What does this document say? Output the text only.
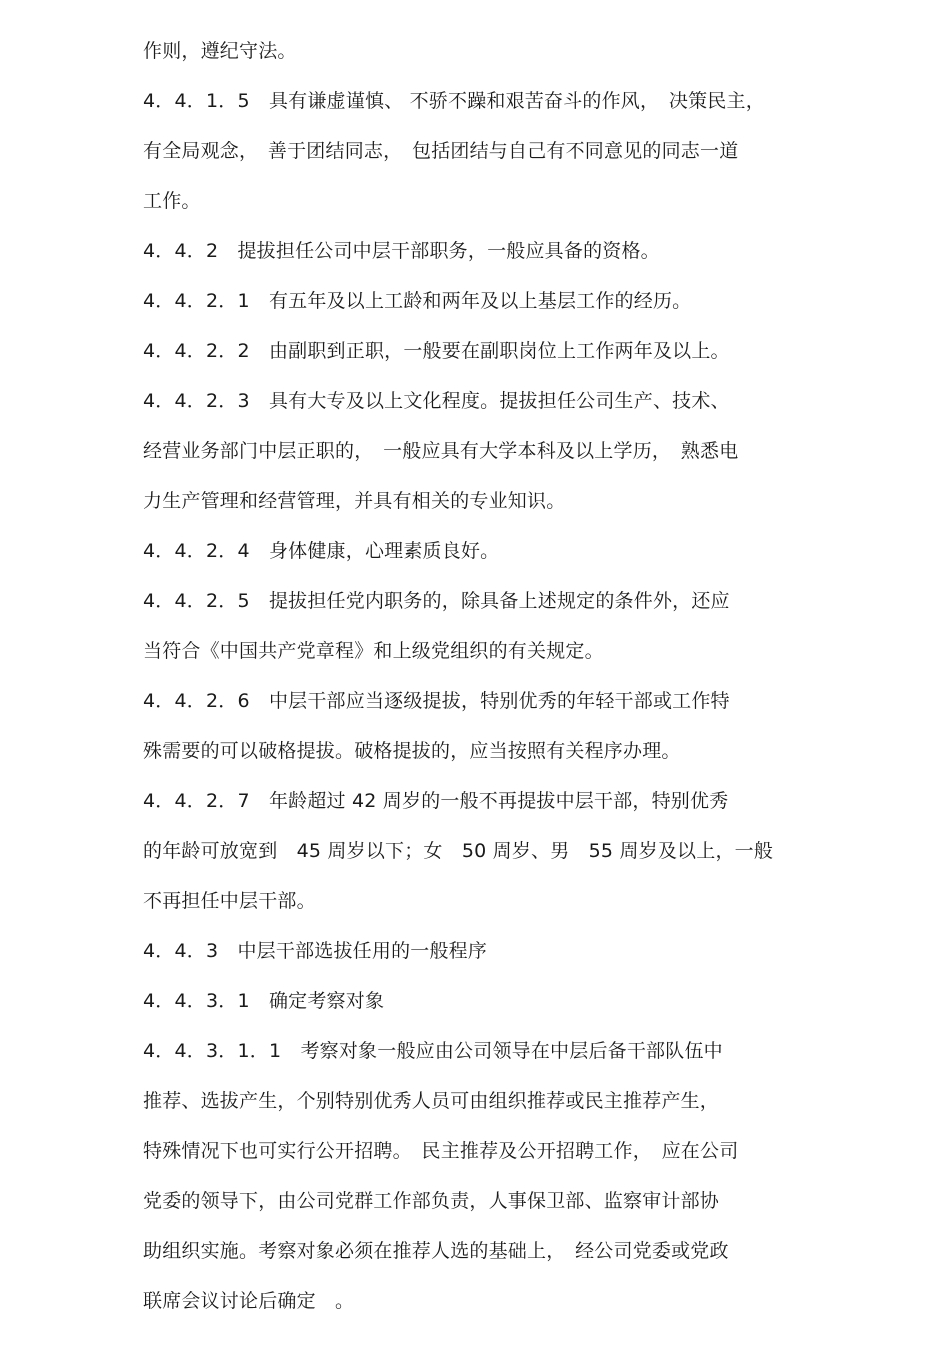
作则，遵纪守法。
4．4．1．5　具有谦虚谨慎、 不骄不躁和艰苦奋斗的作风，　决策民主，
有全局观念，　善于团结同志，　包括团结与自己有不同意见的同志一道
工作。
4．4．2　提拔担任公司中层干部职务，一般应具备的资格。
4．4．2．1　有五年及以上工龄和两年及以上基层工作的经历。
4．4．2．2　由副职到正职，一般要在副职岗位上工作两年及以上。
4．4．2．3　具有大专及以上文化程度。提拔担任公司生产、技术、
经营业务部门中层正职的，　一般应具有大学本科及以上学历，　熟悉电
力生产管理和经营管理，并具有相关的专业知识。
4．4．2．4　身体健康，心理素质良好。
4．4．2．5　提拔担任党内职务的，除具备上述规定的条件外，还应
当符合《中国共产党章程》和上级党组织的有关规定。
4．4．2．6　中层干部应当逐级提拔，特别优秀的年轻干部或工作特
殊需要的可以破格提拔。破格提拔的，应当按照有关程序办理。
4．4．2．7　年龄超过 42 周岁的一般不再提拔中层干部，特别优秀
的年龄可放宽到　45 周岁以下；女　50 周岁、男　55 周岁及以上，一般
不再担任中层干部。
4．4．3　中层干部选拔任用的一般程序
4．4．3．1　确定考察对象
4．4．3．1．1　考察对象一般应由公司领导在中层后备干部队伍中
推荐、选拔产生，个别特别优秀人员可由组织推荐或民主推荐产生，
特殊情况下也可实行公开招聘。　民主推荐及公开招聘工作，　应在公司
党委的领导下，由公司党群工作部负责，人事保卫部、监察审计部协
助组织实施。考察对象必须在推荐人选的基础上，　经公司党委或党政
联席会议讨论后确定　。
